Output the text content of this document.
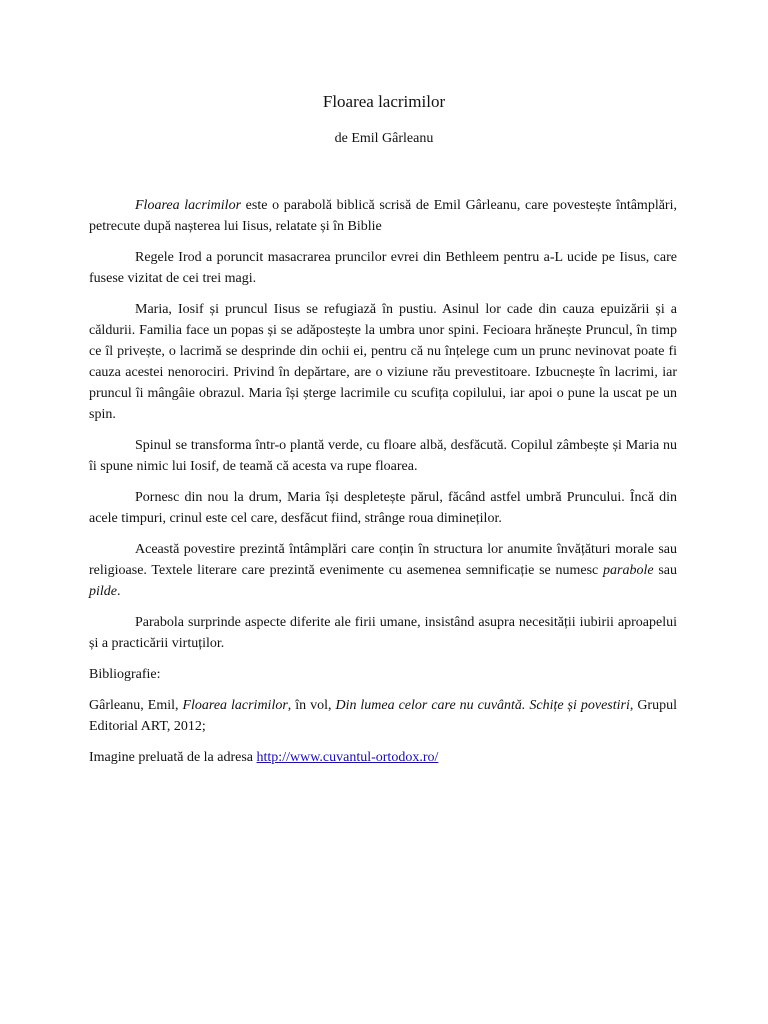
Floarea lacrimilor
de Emil Gârleanu

Floarea lacrimilor este o parabolă biblică scrisă de Emil Gârleanu, care povestește întâmplări, petrecute după nașterea lui Iisus, relatate și în Biblie

Regele Irod a poruncit masacrarea pruncilor evrei din Bethleem pentru a-L ucide pe Iisus, care fusese vizitat de cei trei magi.

Maria, Iosif și pruncul Iisus se refugiază în pustiu. Asinul lor cade din cauza epuizării și a căldurii. Familia face un popas și se adăpostește la umbra unor spini. Fecioara hrănește Pruncul, în timp ce îl privește, o lacrimă se desprinde din ochii ei, pentru că nu înțelege cum un prunc nevinovat poate fi cauza acestei nenorociri. Privind în depărtare, are o viziune rău prevestitoare. Izbucnește în lacrimi, iar pruncul îi mângâie obrazul. Maria își șterge lacrimile cu scufița copilului, iar apoi o pune la uscat pe un spin.

Spinul se transforma într-o plantă verde, cu floare albă, desfăcută. Copilul zâmbește și Maria nu îi spune nimic lui Iosif, de teamă că acesta va rupe floarea.

Pornesc din nou la drum, Maria își despletește părul, făcând astfel umbră Pruncului. Încă din acele timpuri, crinul este cel care, desfăcut fiind, strânge roua dimineților.

Această povestire prezintă întâmplări care conțin în structura lor anumite învățături morale sau religioase. Textele literare care prezintă evenimente cu asemenea semnificație se numesc parabole sau pilde.

Parabola surprinde aspecte diferite ale firii umane, insistând asupra necesității iubirii aproapelui și a practicării virtuților.

Bibliografie:

Gârleanu, Emil, Floarea lacrimilor, în vol, Din lumea celor care nu cuvântă. Schițe și povestiri, Grupul Editorial ART, 2012;

Imagine preluată de la adresa http://www.cuvantul-ortodox.ro/
